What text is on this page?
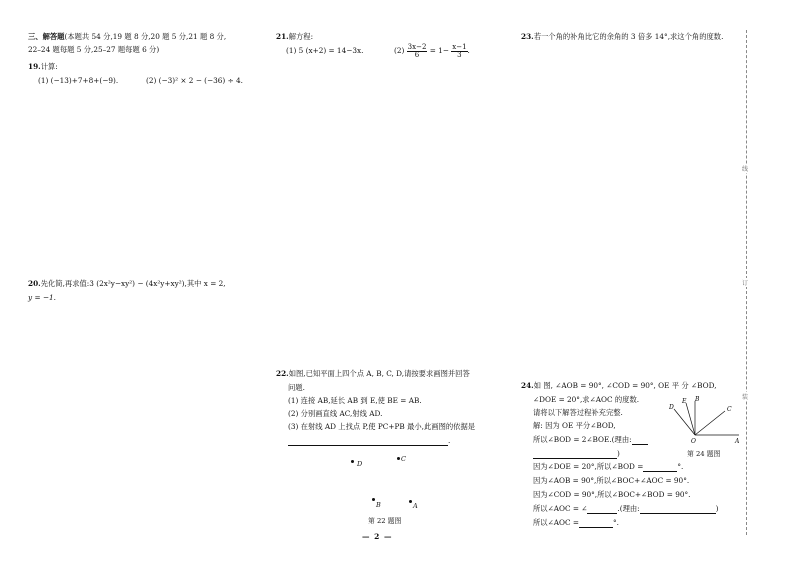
三、解答题(本题共 54 分,19 题 8 分,20 题 5 分,21 题 8 分,
22–24 题每题 5 分,25–27 题每题 6 分)
19.计算:
(1) (−13)+7+8+(−9).	(2) (−3)² × 2 − (−36) ÷ 4.
20.先化简,再求值:3 (2x²y−xy²) − (4x²y+xy²),其中 x = 2,
y = −1.
21.解方程:
(1) 5 (x+2) = 14−3x.	$(2) \frac{3x-2}{6} = 1- \frac{x-1}{3}$ .
22.如图,已知平面上四个点 A, B, C, D,请按要求画图并回答
问题.
(1) 连接 AB,延长 AB 到 E,使 BE = AB.
(2) 分别画直线 AC,射线 AD.
(3) 在射线 AD 上找点 P,使 PC+PB 最小,此画图的依据是
.
D
C
B	A
第 22 题图
23.若一个角的补角比它的余角的 3 倍多 14°,求这个角的度数.
24.如 图, ∠AOB = 90°, ∠COD = 90°, OE 平 分 ∠BOD,
∠DOE = 20°,求∠AOC 的度数.
请将以下解答过程补充完整.
解: 因为 OE 平分∠BOD,
所以∠BOD = 2∠BOE.(理由:
)
因为∠DOE = 20°,所以∠BOD =	°.
因为∠AOB = 90°,所以∠BOC+∠AOC = 90°.
因为∠COD = 90°,所以∠BOC+∠BOD = 90°.
所以∠AOC = ∠	.(理由:	)
所以∠AOC =	°.
D
E B
C
O	A
第 24 题图
线
订
装
— 2 —
